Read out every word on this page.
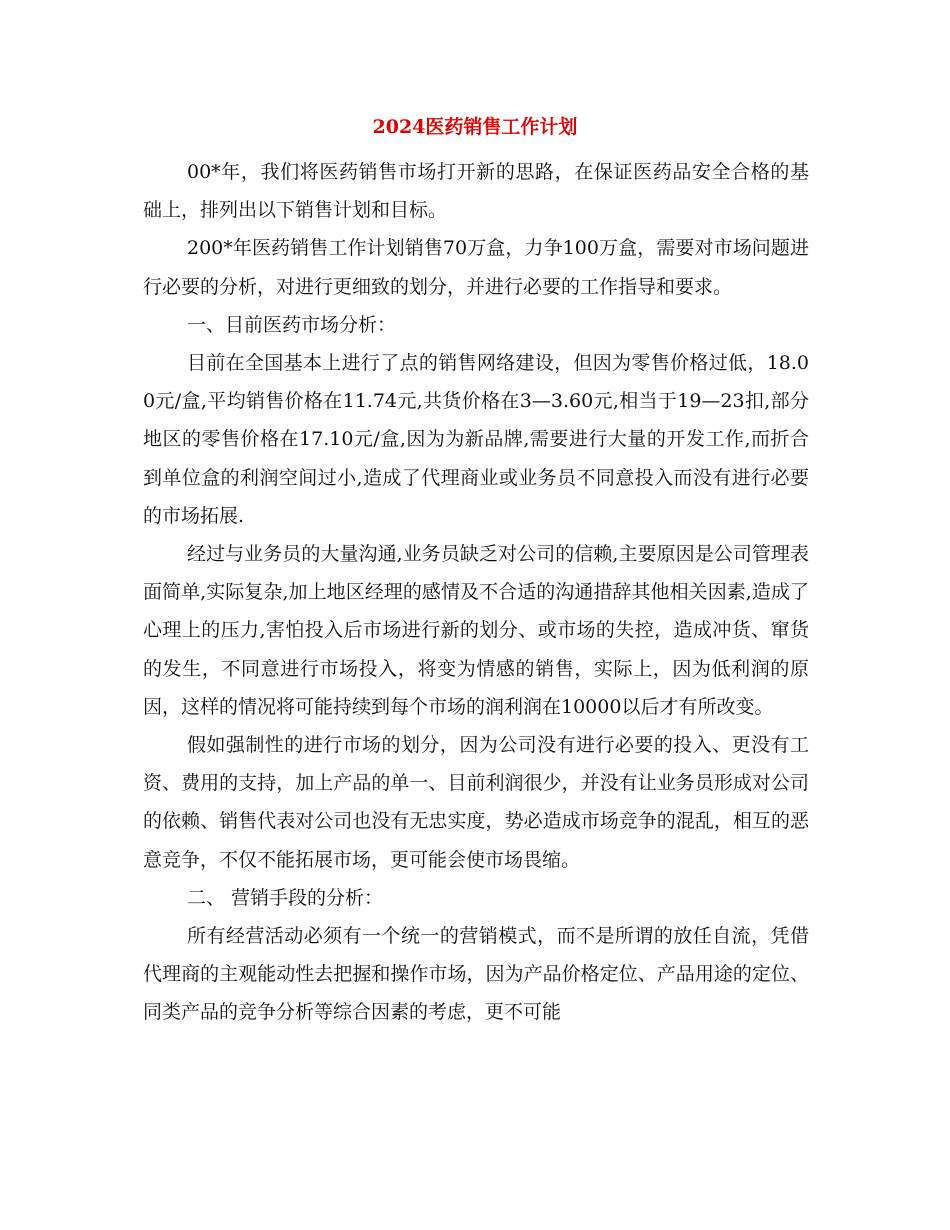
2024医药销售工作计划

00*年，我们将医药销售市场打开新的思路，在保证医药品安全合格的基础上，排列出以下销售计划和目标。

200*年医药销售工作计划销售70万盒，力争100万盒，需要对市场问题进行必要的分析，对进行更细致的划分，并进行必要的工作指导和要求。

一、目前医药市场分析：

目前在全国基本上进行了点的销售网络建设，但因为零售价格过低，18.00元/盒,平均销售价格在11.74元,共货价格在3—3.60元,相当于19—23扣,部分地区的零售价格在17.10元/盒,因为为新品牌,需要进行大量的开发工作,而折合到单位盒的利润空间过小,造成了代理商业或业务员不同意投入而没有进行必要的市场拓展.

经过与业务员的大量沟通,业务员缺乏对公司的信赖,主要原因是公司管理表面简单,实际复杂,加上地区经理的感情及不合适的沟通措辞其他相关因素,造成了心理上的压力,害怕投入后市场进行新的划分、或市场的失控，造成冲货、窜货的发生，不同意进行市场投入，将变为情感的销售，实际上，因为低利润的原因，这样的情况将可能持续到每个市场的润利润在10000以后才有所改变。

假如强制性的进行市场的划分，因为公司没有进行必要的投入、更没有工资、费用的支持，加上产品的单一、目前利润很少，并没有让业务员形成对公司的依赖、销售代表对公司也没有无忠实度，势必造成市场竞争的混乱，相互的恶意竞争，不仅不能拓展市场，更可能会使市场畏缩。

二、 营销手段的分析：

所有经营活动必须有一个统一的营销模式，而不是所谓的放任自流，凭借代理商的主观能动性去把握和操作市场，因为产品价格定位、产品用途的定位、同类产品的竞争分析等综合因素的考虑，更不可能
